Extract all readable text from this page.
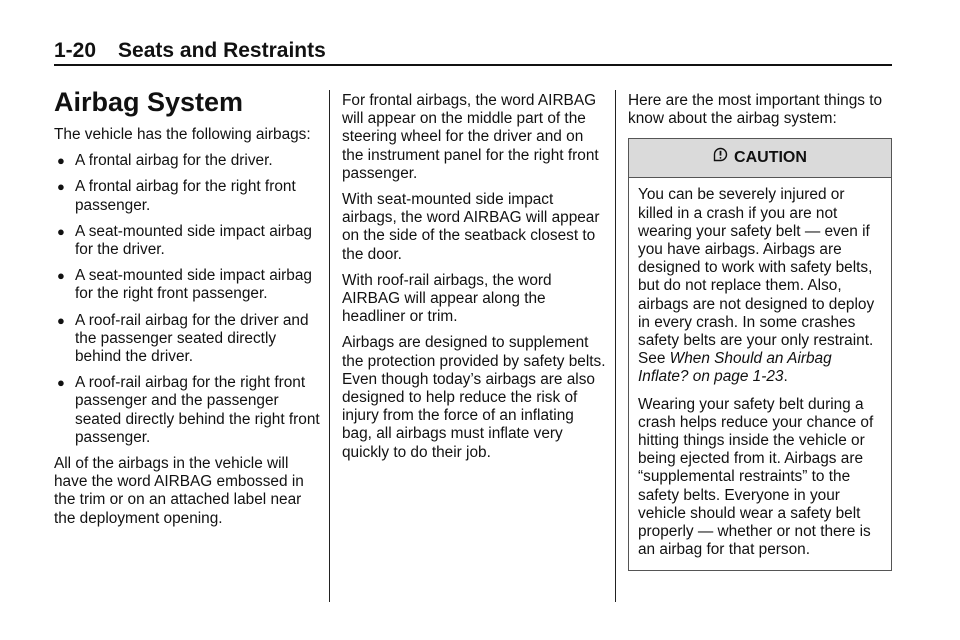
1-20 Seats and Restraints
Airbag System

The vehicle has the following airbags:

● A frontal airbag for the driver.
● A frontal airbag for the right front passenger.
● A seat-mounted side impact airbag for the driver.
● A seat-mounted side impact airbag for the right front passenger.
● A roof-rail airbag for the driver and the passenger seated directly behind the driver.
● A roof-rail airbag for the right front passenger and the passenger seated directly behind the right front passenger.

All of the airbags in the vehicle will have the word AIRBAG embossed in the trim or on an attached label near the deployment opening.

For frontal airbags, the word AIRBAG will appear on the middle part of the steering wheel for the driver and on the instrument panel for the right front passenger.

With seat-mounted side impact airbags, the word AIRBAG will appear on the side of the seatback closest to the door.

With roof-rail airbags, the word AIRBAG will appear along the headliner or trim.

Airbags are designed to supplement the protection provided by safety belts. Even though today’s airbags are also designed to help reduce the risk of injury from the force of an inflating bag, all airbags must inflate very quickly to do their job.

Here are the most important things to know about the airbag system:

CAUTION

You can be severely injured or killed in a crash if you are not wearing your safety belt — even if you have airbags. Airbags are designed to work with safety belts, but do not replace them. Also, airbags are not designed to deploy in every crash. In some crashes safety belts are your only restraint. See When Should an Airbag Inflate? on page 1-23.

Wearing your safety belt during a crash helps reduce your chance of hitting things inside the vehicle or being ejected from it. Airbags are “supplemental restraints” to the safety belts. Everyone in your vehicle should wear a safety belt properly — whether or not there is an airbag for that person.
